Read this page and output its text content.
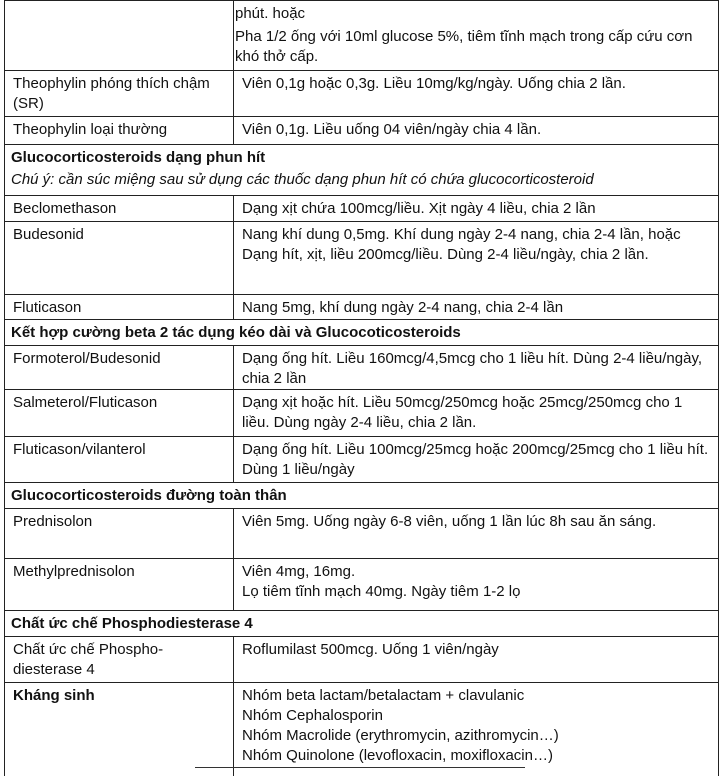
	phút. hoặc
Pha 1/2 ống với 10ml glucose 5%, tiêm tĩnh mạch trong cấp cứu cơn khó thở cấp.

Theophylin phóng thích chậm (SR)	Viên 0,1g hoặc 0,3g. Liều 10mg/kg/ngày. Uống chia 2 lần.

Theophylin loại thường	Viên 0,1g. Liều uống 04 viên/ngày chia 4 lần.

Glucocorticosteroids dạng phun hít
Chú ý: cần súc miệng sau sử dụng các thuốc dạng phun hít có chứa glucocorticosteroid	

Beclomethason	Dạng xịt chứa 100mcg/liều. Xịt ngày 4 liều, chia 2 lần

Budesonid	Nang khí dung 0,5mg. Khí dung ngày 2-4 nang, chia 2-4 lần, hoặc
Dạng hít, xịt, liều 200mcg/liều. Dùng 2-4 liều/ngày, chia 2 lần.

Fluticason	Nang 5mg, khí dung ngày 2-4 nang, chia 2-4 lần

Kết hợp cường beta 2 tác dụng kéo dài và Glucocoticosteroids	
Formoterol/Budesonid	Dạng ống hít. Liều 160mcg/4,5mcg cho 1 liều hít. Dùng 2-4 liều/ngày, chia 2 lần

Salmeterol/Fluticason	Dạng xịt hoặc hít. Liều 50mcg/250mcg hoặc 25mcg/250mcg cho 1 liều. Dùng ngày 2-4 liều, chia 2 lần.

Fluticason/vilanterol	Dạng ống hít. Liều 100mcg/25mcg hoặc 200mcg/25mcg cho 1 liều hít. Dùng 1 liều/ngày

Glucocorticosteroids đường toàn thân	
Prednisolon	Viên 5mg. Uống ngày 6-8 viên, uống 1 lần lúc 8h sau ăn sáng.

Methylprednisolon	Viên 4mg, 16mg.
Lọ tiêm tĩnh mạch 40mg. Ngày tiêm 1-2 lọ

Chất ức chế Phosphodiesterase 4	
Chất ức chế Phospho-diesterase 4	Roflumilast 500mcg. Uống 1 viên/ngày

Kháng sinh	Nhóm beta lactam/betalactam + clavulanic
Nhóm Cephalosporin
Nhóm Macrolide (erythromycin, azithromycin…)
Nhóm Quinolone (levofloxacin, moxifloxacin…)
